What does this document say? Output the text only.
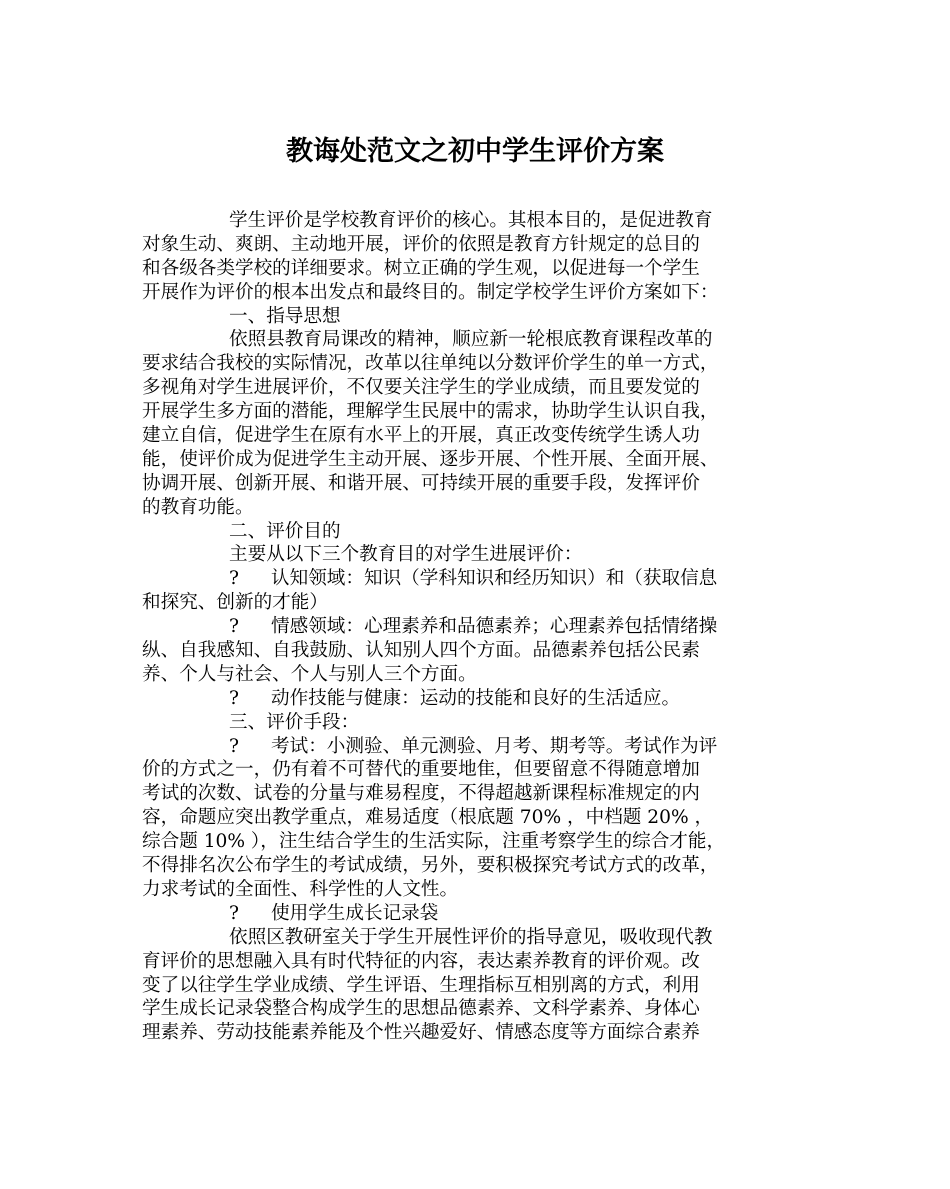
教诲处范文之初中学生评价方案
学生评价是学校教育评价的核心。其根本目的，是促进教育
对象生动、爽朗、主动地开展，评价的依照是教育方针规定的总目的
和各级各类学校的详细要求。树立正确的学生观，以促进每一个学生
开展作为评价的根本出发点和最终目的。制定学校学生评价方案如下：
一、指导思想
依照县教育局课改的精神，顺应新一轮根底教育课程改革的
要求结合我校的实际情况，改革以往单纯以分数评价学生的单一方式，
多视角对学生进展评价，不仅要关注学生的学业成绩，而且要发觉的
开展学生多方面的潜能，理解学生民展中的需求，协助学生认识自我，
建立自信，促进学生在原有水平上的开展，真正改变传统学生诱人功
能，使评价成为促进学生主动开展、逐步开展、个性开展、全面开展、
协调开展、创新开展、和谐开展、可持续开展的重要手段，发挥评价
的教育功能。
二、评价目的
主要从以下三个教育目的对学生进展评价：
? 认知领域：知识（学科知识和经历知识）和（获取信息
和探究、创新的才能）
? 情感领域：心理素养和品德素养；心理素养包括情绪操
纵、自我感知、自我鼓励、认知别人四个方面。品德素养包括公民素
养、个人与社会、个人与别人三个方面。
? 动作技能与健康：运动的技能和良好的生活适应。
三、评价手段：
? 考试：小测验、单元测验、月考、期考等。考试作为评
价的方式之一，仍有着不可替代的重要地隹，但要留意不得随意增加
考试的次数、试卷的分量与难易程度，不得超越新课程标准规定的内
容，命题应突出教学重点，难易适度（根底题 70% ，中档题 20% ，
综合题 10% ），注生结合学生的生活实际，注重考察学生的综合才能，
不得排名次公布学生的考试成绩，另外，要积极探究考试方式的改革，
力求考试的全面性、科学性的人文性。
? 使用学生成长记录袋
依照区教研室关于学生开展性评价的指导意见，吸收现代教
育评价的思想融入具有时代特征的内容，表达素养教育的评价观。改
变了以往学生学业成绩、学生评语、生理指标互相别离的方式，利用
学生成长记录袋整合构成学生的思想品德素养、文科学素养、身体心
理素养、劳动技能素养能及个性兴趣爱好、情感态度等方面综合素养
